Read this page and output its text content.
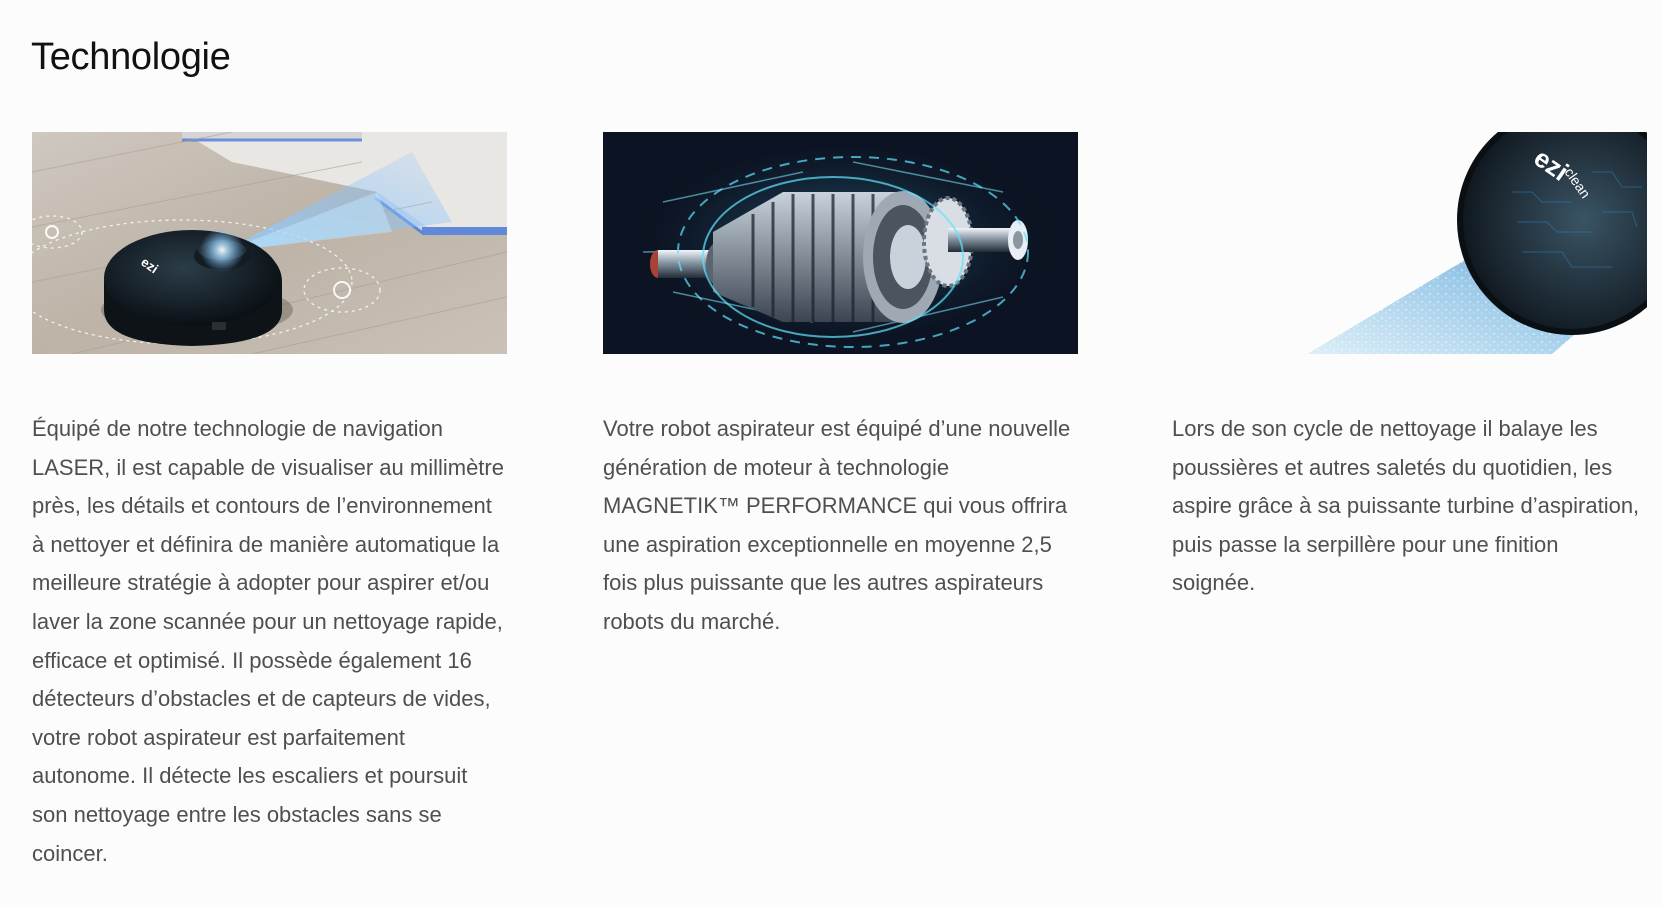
Technologie
ezi

Équipé de notre technologie de navigation LASER, il est capable de visualiser au millimètre près, les détails et contours de l’environnement à nettoyer et définira de manière automatique la meilleure stratégie à adopter pour aspirer et/ou laver la zone scannée pour un nettoyage rapide, efficace et optimisé. Il possède également 16 détecteurs d’obstacles et de capteurs de vides, votre robot aspirateur est parfaitement autonome. Il détecte les escaliers et poursuit son nettoyage entre les obstacles sans se coincer.

Votre robot aspirateur est équipé d’une nouvelle génération de moteur à technologie MAGNETIK™ PERFORMANCE qui vous offrira une aspiration exceptionnelle en moyenne 2,5 fois plus puissante que les autres aspirateurs robots du marché.

ezi
clean

Lors de son cycle de nettoyage il balaye les poussières et autres saletés du quotidien, les aspire grâce à sa puissante turbine d’aspiration, puis passe la serpillère pour une finition soignée.
